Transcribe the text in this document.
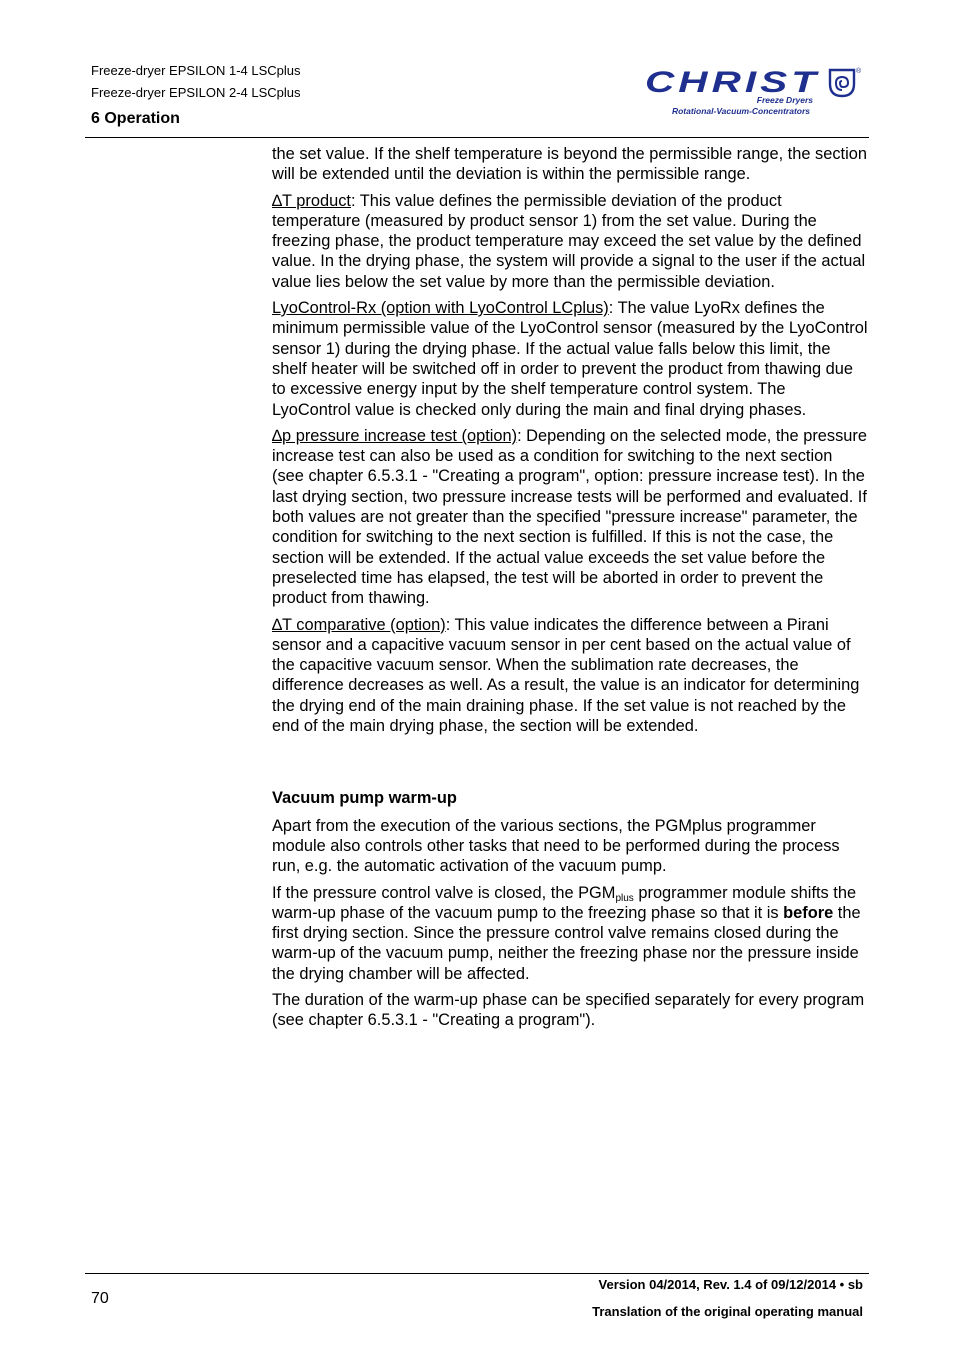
Freeze-dryer EPSILON 1-4 LSCplus
Freeze-dryer EPSILON 2-4 LSCplus
6 Operation
CHRIST	®
Freeze Dryers
Rotational-Vacuum-Concentrators

the set value. If the shelf temperature is beyond the permissible range, the section will be extended until the deviation is within the permissible range.

∆T product: This value defines the permissible deviation of the product temperature (measured by product sensor 1) from the set value. During the freezing phase, the product temperature may exceed the set value by the defined value. In the drying phase, the system will provide a signal to the user if the actual value lies below the set value by more than the permissible deviation.

LyoControl-Rx (option with LyoControl LCplus): The value LyoRx defines the minimum permissible value of the LyoControl sensor (measured by the LyoControl sensor 1) during the drying phase. If the actual value falls below this limit, the shelf heater will be switched off in order to prevent the product from thawing due to excessive energy input by the shelf temperature control system. The LyoControl value is checked only during the main and final drying phases.

∆p pressure increase test (option): Depending on the selected mode, the pressure increase test can also be used as a condition for switching to the next section (see chapter 6.5.3.1 - "Creating a program", option: pressure increase test). In the last drying section, two pressure increase tests will be performed and evaluated. If both values are not greater than the specified "pressure increase" parameter, the condition for switching to the next section is fulfilled. If this is not the case, the section will be extended. If the actual value exceeds the set value before the preselected time has elapsed, the test will be aborted in order to prevent the product from thawing.

∆T comparative (option): This value indicates the difference between a Pirani sensor and a capacitive vacuum sensor in per cent based on the actual value of the capacitive vacuum sensor. When the sublimation rate decreases, the difference decreases as well. As a result, the value is an indicator for determining the drying end of the main draining phase. If the set value is not reached by the end of the main drying phase, the section will be extended.

Vacuum pump warm-up

Apart from the execution of the various sections, the PGMplus programmer module also controls other tasks that need to be performed during the process run, e.g. the automatic activation of the vacuum pump.

If the pressure control valve is closed, the $PGM_{plus}$ programmer module shifts the warm-up phase of the vacuum pump to the freezing phase so that it is before the first drying section. Since the pressure control valve remains closed during the warm-up of the vacuum pump, neither the freezing phase nor the pressure inside the drying chamber will be affected.

The duration of the warm-up phase can be specified separately for every program (see chapter 6.5.3.1 - "Creating a program").

70
Version 04/2014, Rev. 1.4 of 09/12/2014 • sb
Translation of the original operating manual
